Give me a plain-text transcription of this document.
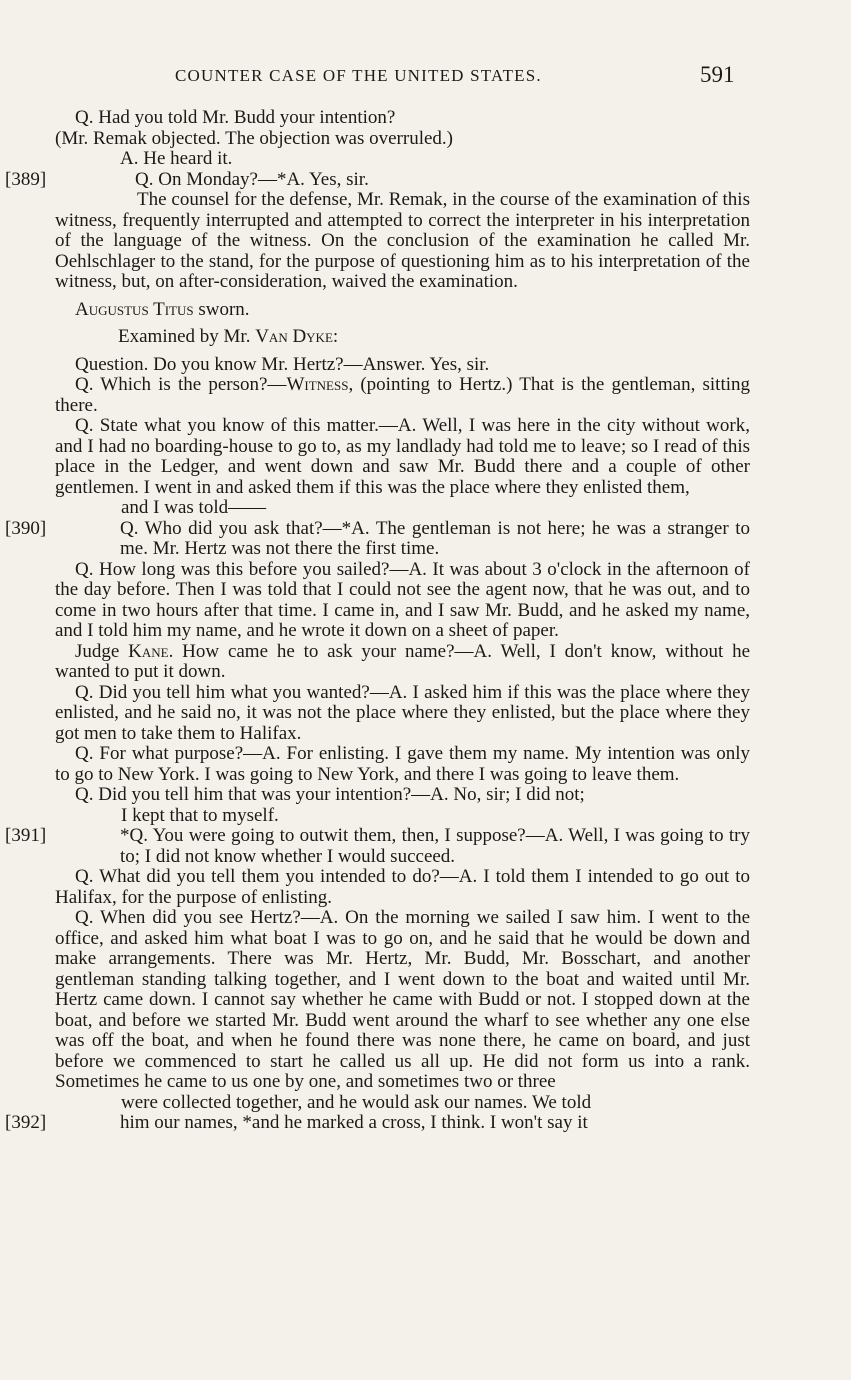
COUNTER CASE OF THE UNITED STATES.	591

Q. Had you told Mr. Budd your intention?

(Mr. Remak objected. The objection was overruled.)

A. He heard it.

[389]	Q. On Monday?—*A. Yes, sir.

The counsel for the defense, Mr. Remak, in the course of the examination of this witness, frequently interrupted and attempted to correct the interpreter in his interpretation of the language of the witness. On the conclusion of the examination he called Mr. Oehlschlager to the stand, for the purpose of questioning him as to his interpretation of the witness, but, on after-consideration, waived the examination.

Augustus Titus sworn.

Examined by Mr. Van Dyke:

Question. Do you know Mr. Hertz?—Answer. Yes, sir.

Q. Which is the person?—Witness, (pointing to Hertz.) That is the gentleman, sitting there.

Q. State what you know of this matter.—A. Well, I was here in the city without work, and I had no boarding-house to go to, as my landlady had told me to leave; so I read of this place in the Ledger, and went down and saw Mr. Budd there and a couple of other gentlemen. I went in and asked them if this was the place where they enlisted them,

and I was told——

[390]	Q. Who did you ask that?—*A. The gentleman is not here; he was a stranger to me. Mr. Hertz was not there the first time.

Q. How long was this before you sailed?—A. It was about 3 o'clock in the afternoon of the day before. Then I was told that I could not see the agent now, that he was out, and to come in two hours after that time. I came in, and I saw Mr. Budd, and he asked my name, and I told him my name, and he wrote it down on a sheet of paper.

Judge Kane. How came he to ask your name?—A. Well, I don't know, without he wanted to put it down.

Q. Did you tell him what you wanted?—A. I asked him if this was the place where they enlisted, and he said no, it was not the place where they enlisted, but the place where they got men to take them to Halifax.

Q. For what purpose?—A. For enlisting. I gave them my name. My intention was only to go to New York. I was going to New York, and there I was going to leave them.

Q. Did you tell him that was your intention?—A. No, sir; I did not;

I kept that to myself.

[391]	*Q. You were going to outwit them, then, I suppose?—A. Well, I was going to try to; I did not know whether I would succeed.

Q. What did you tell them you intended to do?—A. I told them I intended to go out to Halifax, for the purpose of enlisting.

Q. When did you see Hertz?—A. On the morning we sailed I saw him. I went to the office, and asked him what boat I was to go on, and he said that he would be down and make arrangements. There was Mr. Hertz, Mr. Budd, Mr. Bosschart, and another gentleman standing talking together, and I went down to the boat and waited until Mr. Hertz came down. I cannot say whether he came with Budd or not. I stopped down at the boat, and before we started Mr. Budd went around the wharf to see whether any one else was off the boat, and when he found there was none there, he came on board, and just before we commenced to start he called us all up. He did not form us into a rank. Sometimes he came to us one by one, and sometimes two or three

were collected together, and he would ask our names. We told

[392]	him our names, *and he marked a cross, I think. I won't say it
